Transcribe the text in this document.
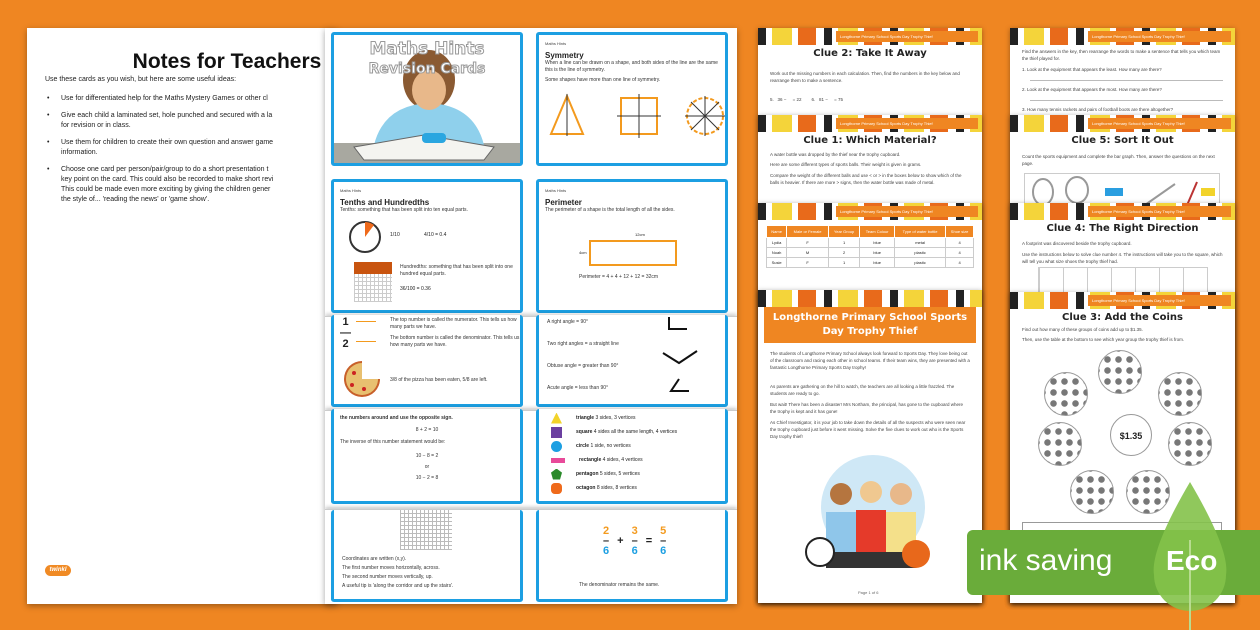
Notes for Teachers
Use these cards as you wish, but here are some useful ideas:
• Use for differentiated help for the Maths Mystery Games or other cl
• Give each child a laminated set, hole punched and secured with a la
for revision or in class.
• Use them for children to create their own question and answer game
information.
• Choose one card per person/pair/group to do a short presentation t
key point on the card. This could also be recorded to make short revi
This could be made even more exciting by giving the children gener
the style of... 'reading the news' or 'game show'.
twinkl
Maths Hints
Revision Cards
Maths Hints
Symmetry

When a line can be drawn on a shape, and both sides of the line are the same this is the line of symmetry.

Some shapes have more than one line of symmetry.

Maths Hints
Tenths and Hundredths

Tenths: something that has been split into ten equal parts.

1/10	4/10 = 0.4

Hundredths: something that has been split into one hundred equal parts.

36/100 = 0.36
Maths Hints
Perimeter

The perimeter of a shape is the total length of all the sides.

12cm
4cm

Perimeter = 4 + 4 + 12 + 12 = 32cm

1
—
2

The top number is called the numerator. This tells us how many parts we have.

The bottom number is called the denominator. This tells us how many parts we have.

3/8 of the pizza has been eaten, 5/8 are left.

A right angle = 90°

Two right angles = a straight line

Obtuse angle = greater than 90°

Acute angle = less than 90°

the numbers around and use the opposite sign.

8 + 2 = 10

The inverse of this number statement would be:

10 − 8 = 2

or

10 − 2 = 8

triangle 3 sides, 3 vertices
square 4 sides all the same length, 4 vertices
circle 1 side, no vertices
rectangle 4 sides, 4 vertices
pentagon 5 sides, 5 vertices
octagon 8 sides, 8 vertices

Coordinates are written (x,y).

The first number moves horizontally, across.

The second number moves vertically, up.

A useful tip is 'along the corridor and up the stairs'.

2
–
6
+
3
–
6
=
5
–
6

The denominator remains the same.

Longthorne Primary School Sports Day Trophy Thief
Clue 2: Take It Away

Work out the missing numbers in each calculation. Then, find the numbers in the key below and rearrange them to make a sentence.

5.   36 −     = 22        6.   81 −     = 75

Longthorne Primary School Sports Day Trophy Thief
Clue 1: Which Material?

A water bottle was dropped by the thief near the trophy cupboard.

Here are some different types of sports balls. Their weight is given in grams.

Compare the weight of the different balls and use < or > in the boxes below to show which of the balls is heavier. If there are more > signs, then the water bottle was made of metal.

Longthorne Primary School Sports Day Trophy Thief
Name	Male or Female	Year Group	Team Colour	Type of water bottle	Shoe size
Lydia	F	1	blue	metal	4
Noah	M	2	blue	plastic	4
Susie	F	1	blue	plastic	4
Longthorne Primary School Sports Day Trophy Thief

The students of Longthorne Primary School always look forward to Sports Day. They love being out of the classroom and racing each other in school teams. If their team wins, they are presented with a fantastic Longthorne Primary Sports Day trophy!

As parents are gathering on the hill to watch, the teachers are all looking a little frazzled. The students are ready to go.

But wait! There has been a disaster! Mrs Northam, the principal, has gone to the cupboard where the trophy is kept and it has gone!

As Chief Investigator, it is your job to take down the details of all the suspects who were seen near the trophy cupboard just before it went missing. Solve the five clues to work out who is the Sports Day trophy thief!

Page 1 of 6
Longthorne Primary School Sports Day Trophy Thief

Find the answers in the key, then rearrange the words to make a sentence that tells you which team the thief played for.

1. Look at the equipment that appears the least. How many are there?

2. Look at the equipment that appears the most. How many are there?

3. How many tennis rackets and pairs of football boots are there altogether?

Longthorne Primary School Sports Day Trophy Thief
Clue 5: Sort It Out

Count the sports equipment and complete the bar graph. Then, answer the questions on the next page.

Longthorne Primary School Sports Day Trophy Thief
Clue 4: The Right Direction

A footprint was discovered beside the trophy cupboard.

Use the instructions below to solve clue number 4. The instructions will take you to the square, which will tell you what size shoes the trophy thief had.

Longthorne Primary School Sports Day Trophy Thief
Clue 3: Add the Coins

Find out how many of these groups of coins add up to $1.35.

Then, use the table at the bottom to see which year group the trophy thief is from.

$1.35
ink saving Eco
